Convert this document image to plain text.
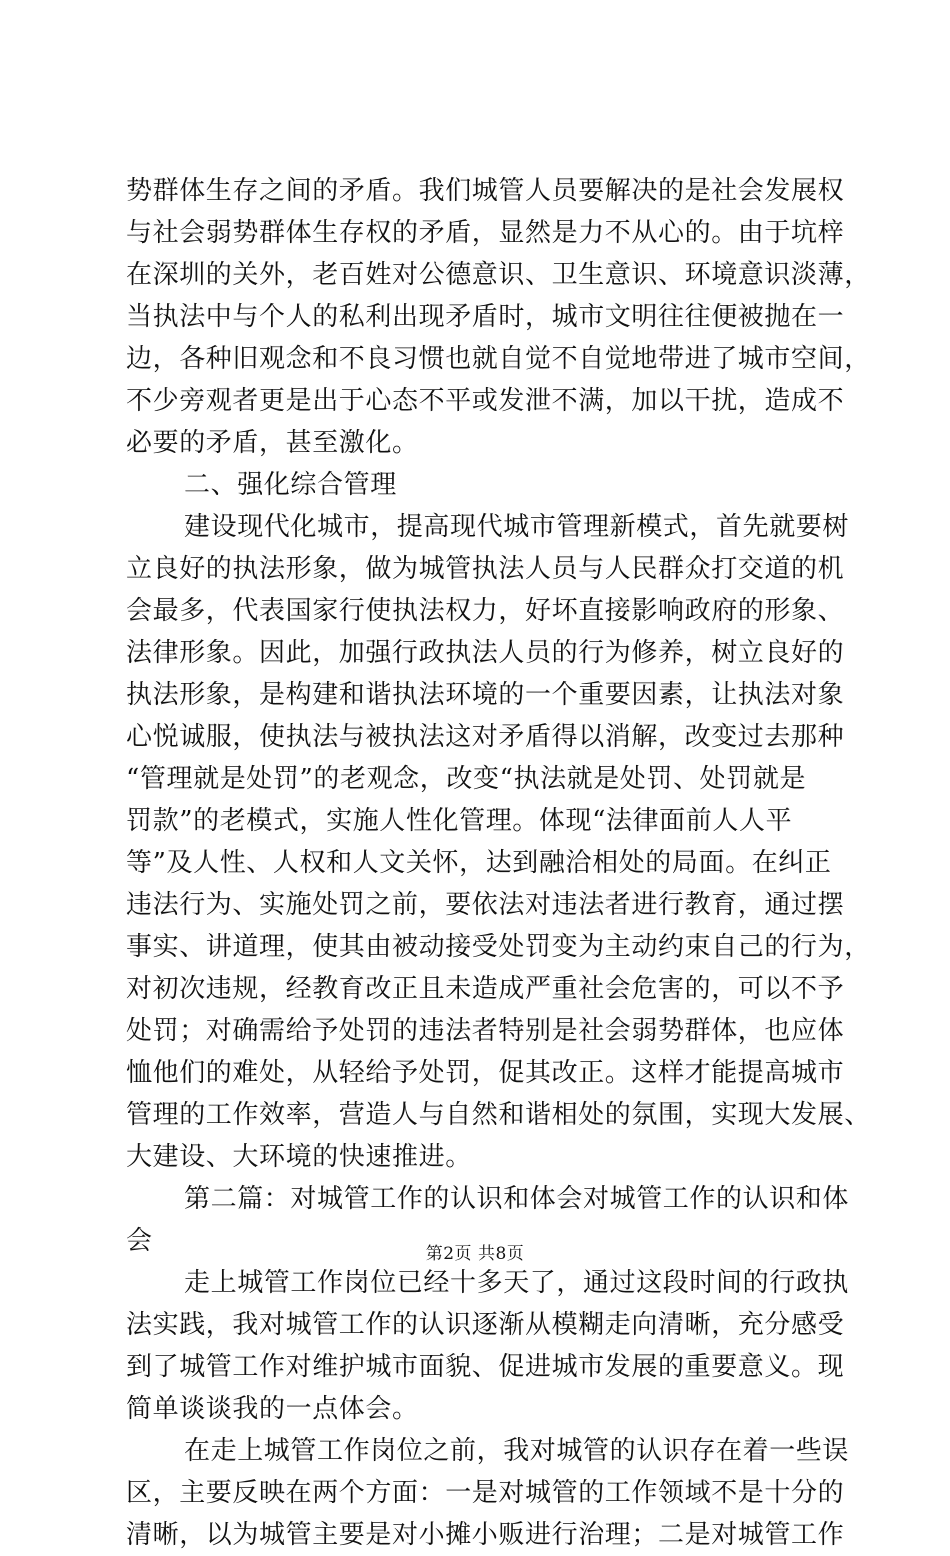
势群体生存之间的矛盾。我们城管人员要解决的是社会发展权
与社会弱势群体生存权的矛盾，显然是力不从心的。由于坑梓
在深圳的关外，老百姓对公德意识、卫生意识、环境意识淡薄，
当执法中与个人的私利出现矛盾时，城市文明往往便被抛在一
边，各种旧观念和不良习惯也就自觉不自觉地带进了城市空间，
不少旁观者更是出于心态不平或发泄不满，加以干扰，造成不
必要的矛盾，甚至激化。
二、强化综合管理
建设现代化城市，提高现代城市管理新模式，首先就要树
立良好的执法形象，做为城管执法人员与人民群众打交道的机
会最多，代表国家行使执法权力，好坏直接影响政府的形象、
法律形象。因此，加强行政执法人员的行为修养，树立良好的
执法形象，是构建和谐执法环境的一个重要因素，让执法对象
心悦诚服，使执法与被执法这对矛盾得以消解，改变过去那种
“管理就是处罚”的老观念，改变“执法就是处罚、处罚就是
罚款”的老模式，实施人性化管理。体现“法律面前人人平
等”及人性、人权和人文关怀，达到融洽相处的局面。在纠正
违法行为、实施处罚之前，要依法对违法者进行教育，通过摆
事实、讲道理，使其由被动接受处罚变为主动约束自己的行为，
对初次违规，经教育改正且未造成严重社会危害的，可以不予
处罚；对确需给予处罚的违法者特别是社会弱势群体，也应体
恤他们的难处，从轻给予处罚，促其改正。这样才能提高城市
管理的工作效率，营造人与自然和谐相处的氛围，实现大发展、
大建设、大环境的快速推进。
第二篇：对城管工作的认识和体会对城管工作的认识和体
会
走上城管工作岗位已经十多天了，通过这段时间的行政执
法实践，我对城管工作的认识逐渐从模糊走向清晰，充分感受
到了城管工作对维护城市面貌、促进城市发展的重要意义。现
简单谈谈我的一点体会。
在走上城管工作岗位之前，我对城管的认识存在着一些误
区，主要反映在两个方面：一是对城管的工作领域不是十分的
清晰，以为城管主要是对小摊小贩进行治理；二是对城管工作
第2页 共8页
